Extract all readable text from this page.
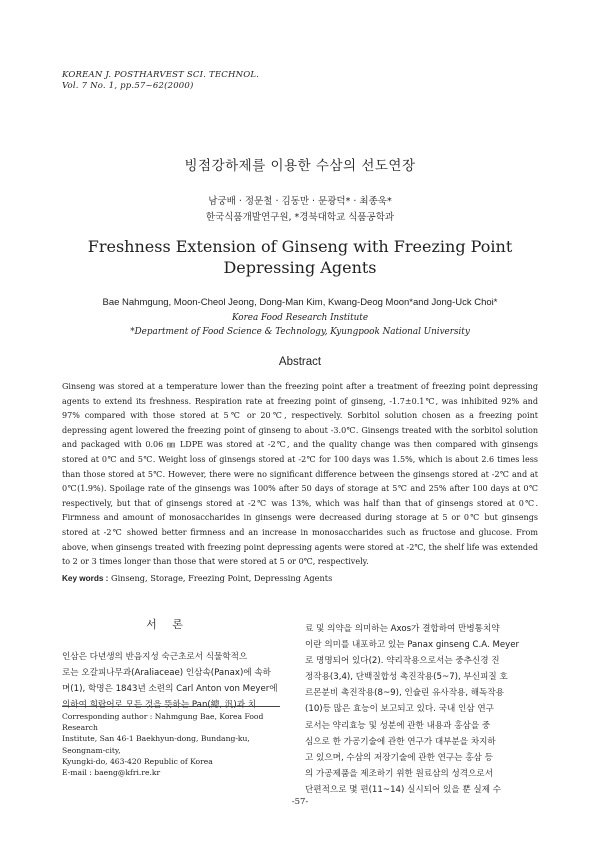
KOREAN J. POSTHARVEST SCI. TECHNOL.
Vol. 7 No. 1, pp.57~62(2000)
빙점강하제를 이용한 수삼의 선도연장
남궁배 · 정문철 · 김동만 · 문광덕* · 최종욱*
한국식품개발연구원, *경북대학교 식품공학과
Freshness Extension of Ginseng with Freezing Point
Depressing Agents
Bae Nahmgung, Moon-Cheol Jeong, Dong-Man Kim, Kwang-Deog Moon*and Jong-Uck Choi*
Korea Food Research Institute
*Department of Food Science & Technology, Kyungpook National University
Abstract

Ginseng was stored at a temperature lower than the freezing point after a treatment of freezing point depressing agents to extend its freshness. Respiration rate at freezing point of ginseng, -1.7±0.1℃, was inhibited 92% and 97% compared with those stored at 5℃ or 20℃, respectively. Sorbitol solution chosen as a freezing point depressing agent lowered the freezing point of ginseng to about -3.0℃. Ginsengs treated with the sorbitol solution and packaged with 0.06 ㎜ LDPE was stored at -2℃, and the quality change was then compared with ginsengs stored at 0℃ and 5℃. Weight loss of ginsengs stored at -2℃ for 100 days was 1.5%, which is about 2.6 times less than those stored at 5℃. However, there were no significant difference between the ginsengs stored at -2℃ and at 0℃(1.9%). Spoilage rate of the ginsengs was 100% after 50 days of storage at 5℃ and 25% after 100 days at 0℃ respectively, but that of ginsengs stored at -2℃ was 13%, which was half than that of ginsengs stored at 0℃. Firmness and amount of monosaccharides in ginsengs were decreased during storage at 5 or 0℃ but ginsengs stored at -2℃ showed better firmness and an increase in monosaccharides such as fructose and glucose. From above, when ginsengs treated with freezing point depressing agents were stored at -2℃, the shelf life was extended to 2 or 3 times longer than those that were stored at 5 or 0℃, respectively.

Key words : Ginseng, Storage, Freezing Point, Depressing Agents
서 론
인삼은 다년생의 반음지성 숙근초로서 식물학적으
로는 오갈피나무과(Araliaceae) 인삼속(Panax)에 속하
며(1), 학명은 1843년 소련의 Carl Anton von Meyer에
의하여 희랍어로 모든 것을 뜻하는 Pan(總, 汎)과 치
료 및 의약을 의미하는 Axos가 결합하여 만병통치약
이란 의미를 내포하고 있는 Panax ginseng C.A. Meyer
로 명명되어 있다(2). 약리작용으로서는 중추신경 진
정작용(3,4), 단백질합성 촉진작용(5~7), 부신피질 호
르몬분비 촉진작용(8~9), 인슐린 유사작용, 해독작용
(10)등 많은 효능이 보고되고 있다. 국내 인삼 연구
로서는 약리효능 및 성분에 관한 내용과 홍삼을 중
심으로 한 가공기술에 관한 연구가 대부분을 차지하
고 있으며, 수삼의 저장기술에 관한 연구는 홍삼 등
의 가공제품을 제조하기 위한 원료삼의 성격으로서
단편적으로 몇 편(11~14) 실시되어 있을 뿐 실제 수
Corresponding author : Nahmgung Bae, Korea Food Research
Institute, San 46-1 Baekhyun-dong, Bundang-ku, Seongnam-city,
Kyungki-do, 463-420 Republic of Korea
E-mail : baeng@kfri.re.kr
-57-
